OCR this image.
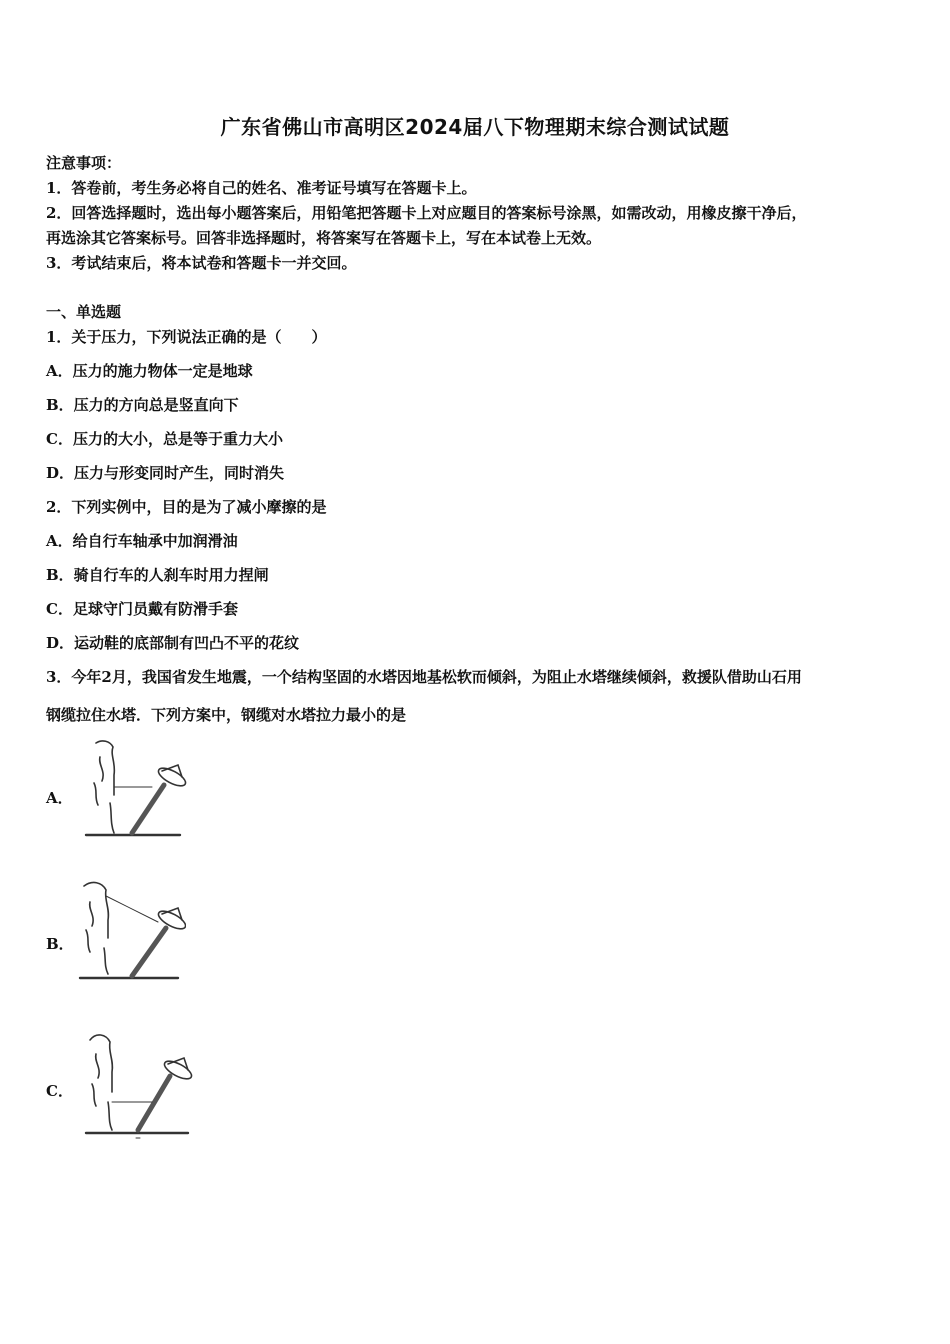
广东省佛山市高明区2024届八下物理期末综合测试试题
注意事项：
1．答卷前，考生务必将自己的姓名、准考证号填写在答题卡上。
2．回答选择题时，选出每小题答案后，用铅笔把答题卡上对应题目的答案标号涂黑，如需改动，用橡皮擦干净后，
再选涂其它答案标号。回答非选择题时，将答案写在答题卡上，写在本试卷上无效。
3．考试结束后，将本试卷和答题卡一并交回。
一、单选题
1．关于压力，下列说法正确的是（　　）
A．压力的施力物体一定是地球
B．压力的方向总是竖直向下
C．压力的大小，总是等于重力大小
D．压力与形变同时产生，同时消失
2．下列实例中，目的是为了减小摩擦的是
A．给自行车轴承中加润滑油
B．骑自行车的人刹车时用力捏闸
C．足球守门员戴有防滑手套
D．运动鞋的底部制有凹凸不平的花纹
3．今年2月，我国省发生地震，一个结构坚固的水塔因地基松软而倾斜，为阻止水塔继续倾斜，救援队借助山石用
钢缆拉住水塔．下列方案中，钢缆对水塔拉力最小的是
A．
B．
C．
